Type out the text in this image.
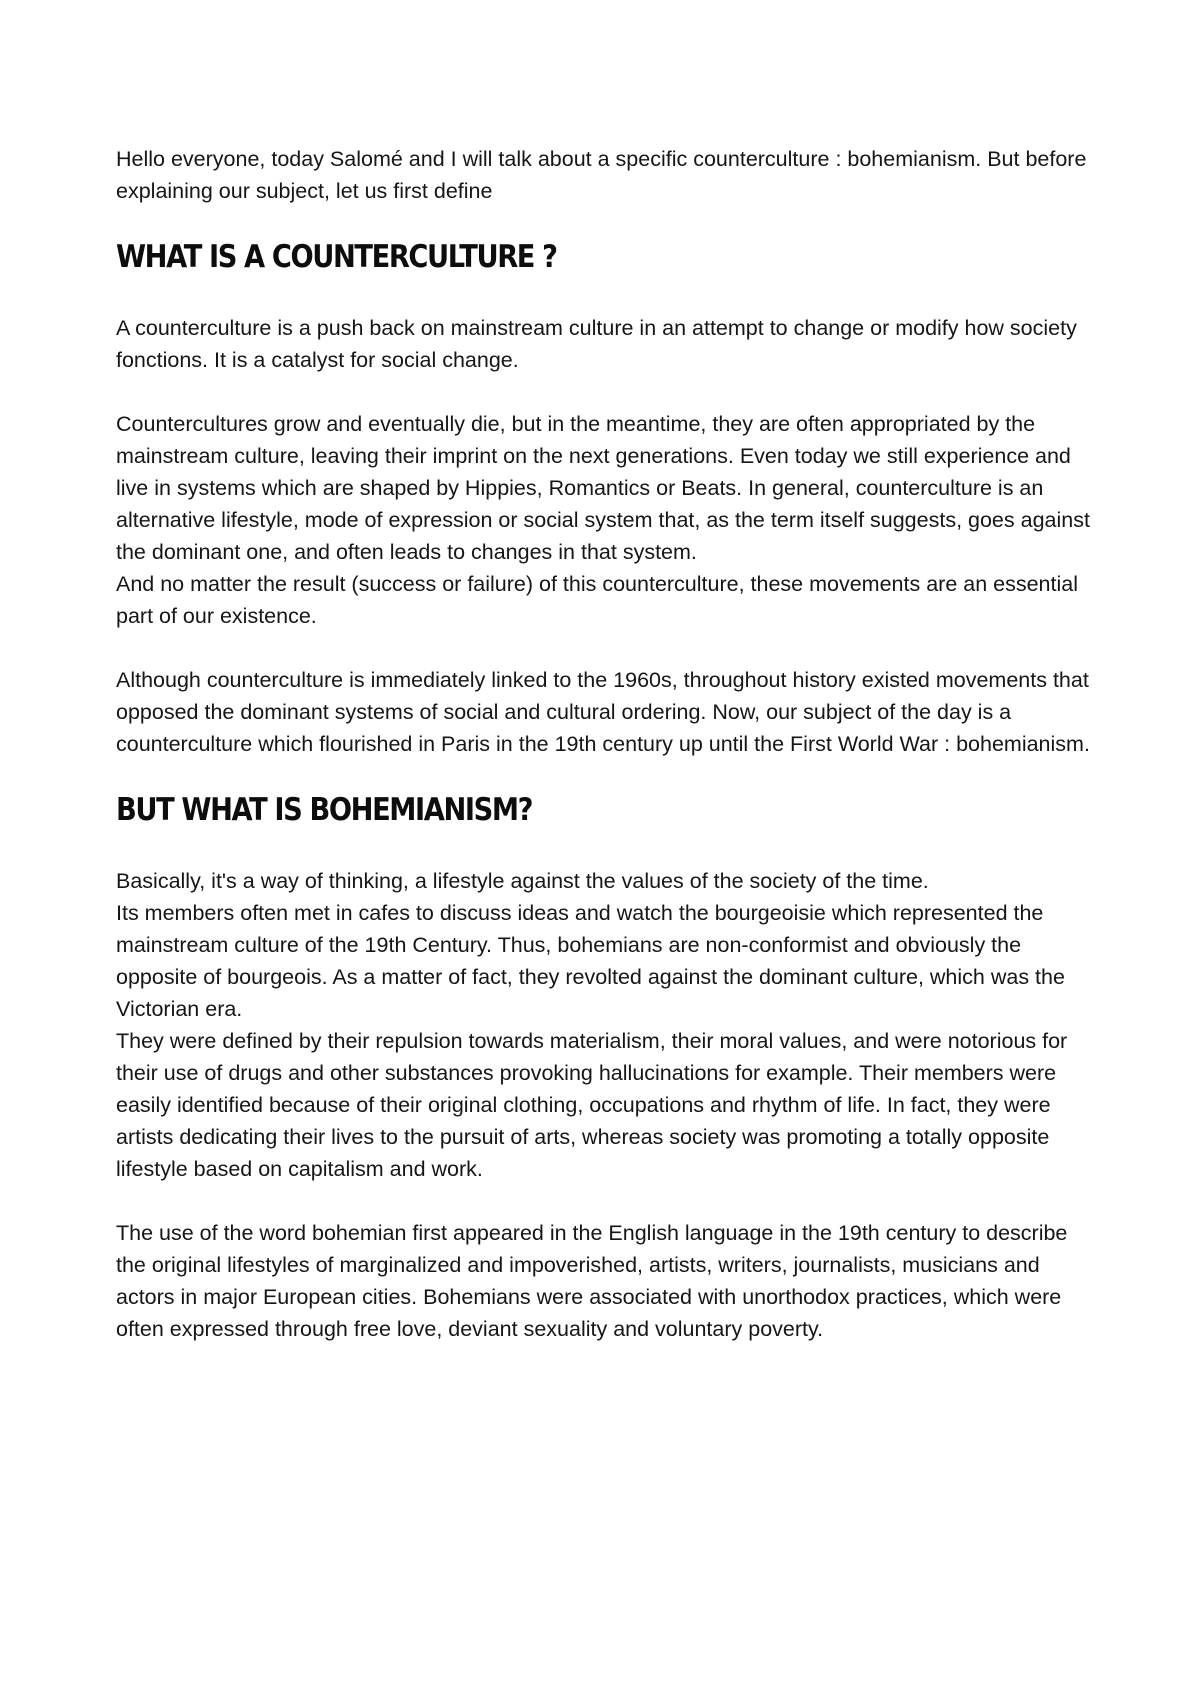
Hello everyone, today Salomé and I will talk about a specific counterculture : bohemianism. But before explaining our subject, let us first define

WHAT IS A COUNTERCULTURE ?

A counterculture is a push back on mainstream culture in an attempt to change or modify how society fonctions. It is a catalyst for social change.

Countercultures grow and eventually die, but in the meantime, they are often appropriated by the mainstream culture, leaving their imprint on the next generations. Even today we still experience and live in systems which are shaped by Hippies, Romantics or Beats. In general, counterculture is an alternative lifestyle, mode of expression or social system that, as the term itself suggests, goes against the dominant one, and often leads to changes in that system.

And no matter the result (success or failure) of this counterculture, these movements are an essential part of our existence.

Although counterculture is immediately linked to the 1960s, throughout history existed movements that opposed the dominant systems of social and cultural ordering. Now, our subject of the day is a counterculture which flourished in Paris in the 19th century up until the First World War : bohemianism.

BUT WHAT IS BOHEMIANISM?

Basically, it's a way of thinking, a lifestyle against the values of the society of the time.

Its members often met in cafes to discuss ideas and watch the bourgeoisie which represented the mainstream culture of the 19th Century. Thus, bohemians are non-conformist and obviously the opposite of bourgeois. As a matter of fact, they revolted against the dominant culture, which was the Victorian era.

They were defined by their repulsion towards materialism, their moral values, and were notorious for their use of drugs and other substances provoking hallucinations for example. Their members were easily identified because of their original clothing, occupations and rhythm of life. In fact, they were artists dedicating their lives to the pursuit of arts, whereas society was promoting a totally opposite lifestyle based on capitalism and work.

The use of the word bohemian first appeared in the English language in the 19th century to describe the original lifestyles of marginalized and impoverished, artists, writers, journalists, musicians and actors in major European cities. Bohemians were associated with unorthodox practices, which were often expressed through free love, deviant sexuality and voluntary poverty.
